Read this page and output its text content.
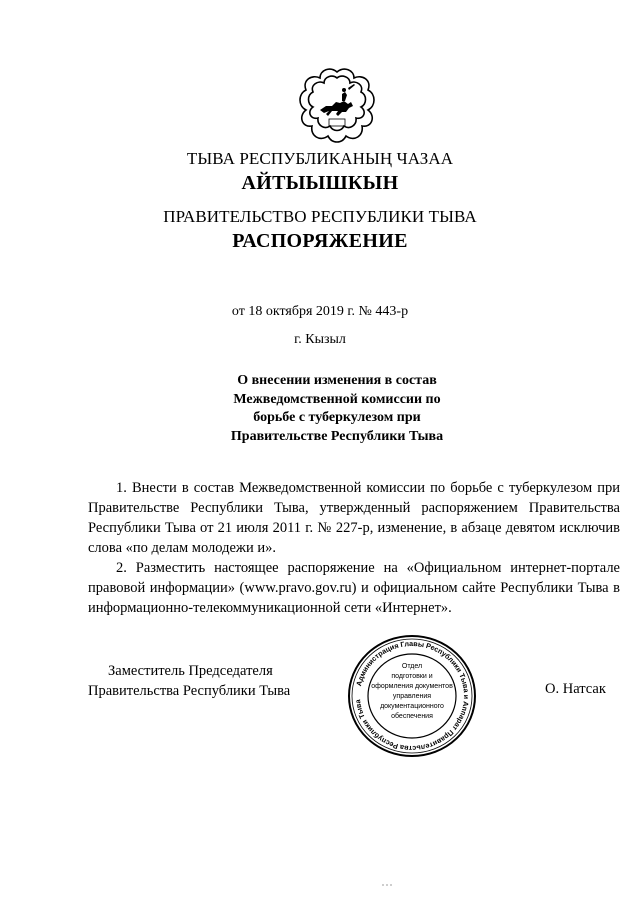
ТЫВА РЕСПУБЛИКАНЫҢ ЧАЗАА
АЙТЫЫШКЫН
ПРАВИТЕЛЬСТВО РЕСПУБЛИКИ ТЫВА
РАСПОРЯЖЕНИЕ
от 18 октября 2019 г. № 443-р
г. Кызыл
О внесении изменения в состав
Межведомственной комиссии по
борьбе с туберкулезом при
Правительстве Республики Тыва

1. Внести в состав Межведомственной комиссии по борьбе с туберкулезом при Правительстве Республики Тыва, утвержденный распоряжением Правительства Республики Тыва от 21 июля 2011 г. № 227-р, изменение, в абзаце девятом исключив слова «по делам молодежи и».

2. Разместить настоящее распоряжение на «Официальном интернет-портале правовой информации» (www.pravo.gov.ru) и официальном сайте Республики Тыва в информационно-телекоммуникационной сети «Интернет».

Заместитель Председателя
Правительства Республики Тыва	Администрация Главы Республики Тыва и Аппарат Правительства Республики Тыва
Отдел
подготовки и
оформления документов
управления
документационного
обеспечения
О. Натсак
